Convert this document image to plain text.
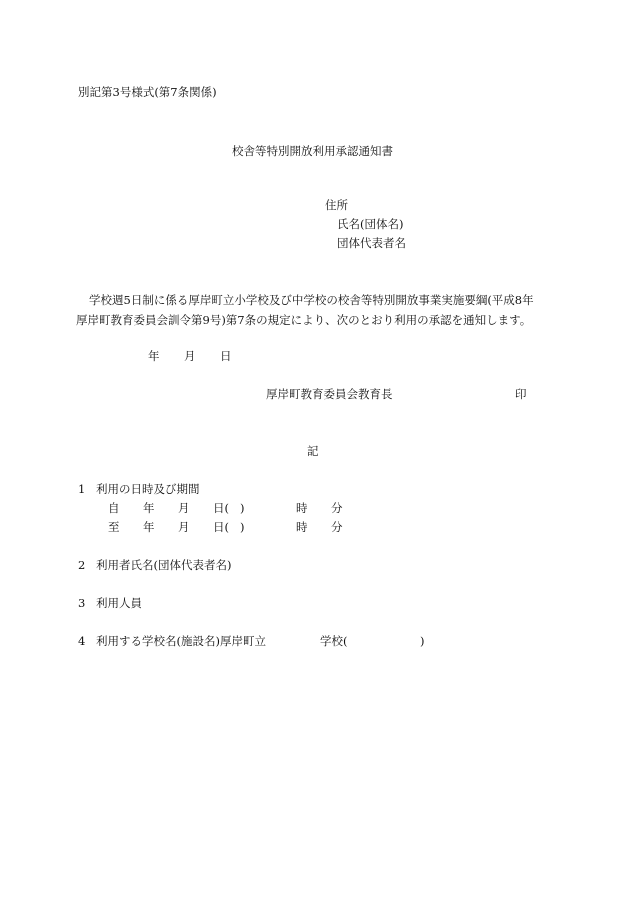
別記第3号様式(第7条関係)
校舎等特別開放利用承認通知書
住所
氏名(団体名)
団体代表者名
学校週5日制に係る厚岸町立小学校及び中学校の校舎等特別開放事業実施要綱(平成8年
厚岸町教育委員会訓令第9号)第7条の規定により、次のとおり利用の承認を通知します。
年 月 日
厚岸町教育委員会教育長	印
記
1 利用の日時及び期間
自 年 月 日( )	時 分
至 年 月 日( )	時 分
2 利用者氏名(団体代表者名)
3 利用人員
4 利用する学校名(施設名)厚岸町立	学校(	)
